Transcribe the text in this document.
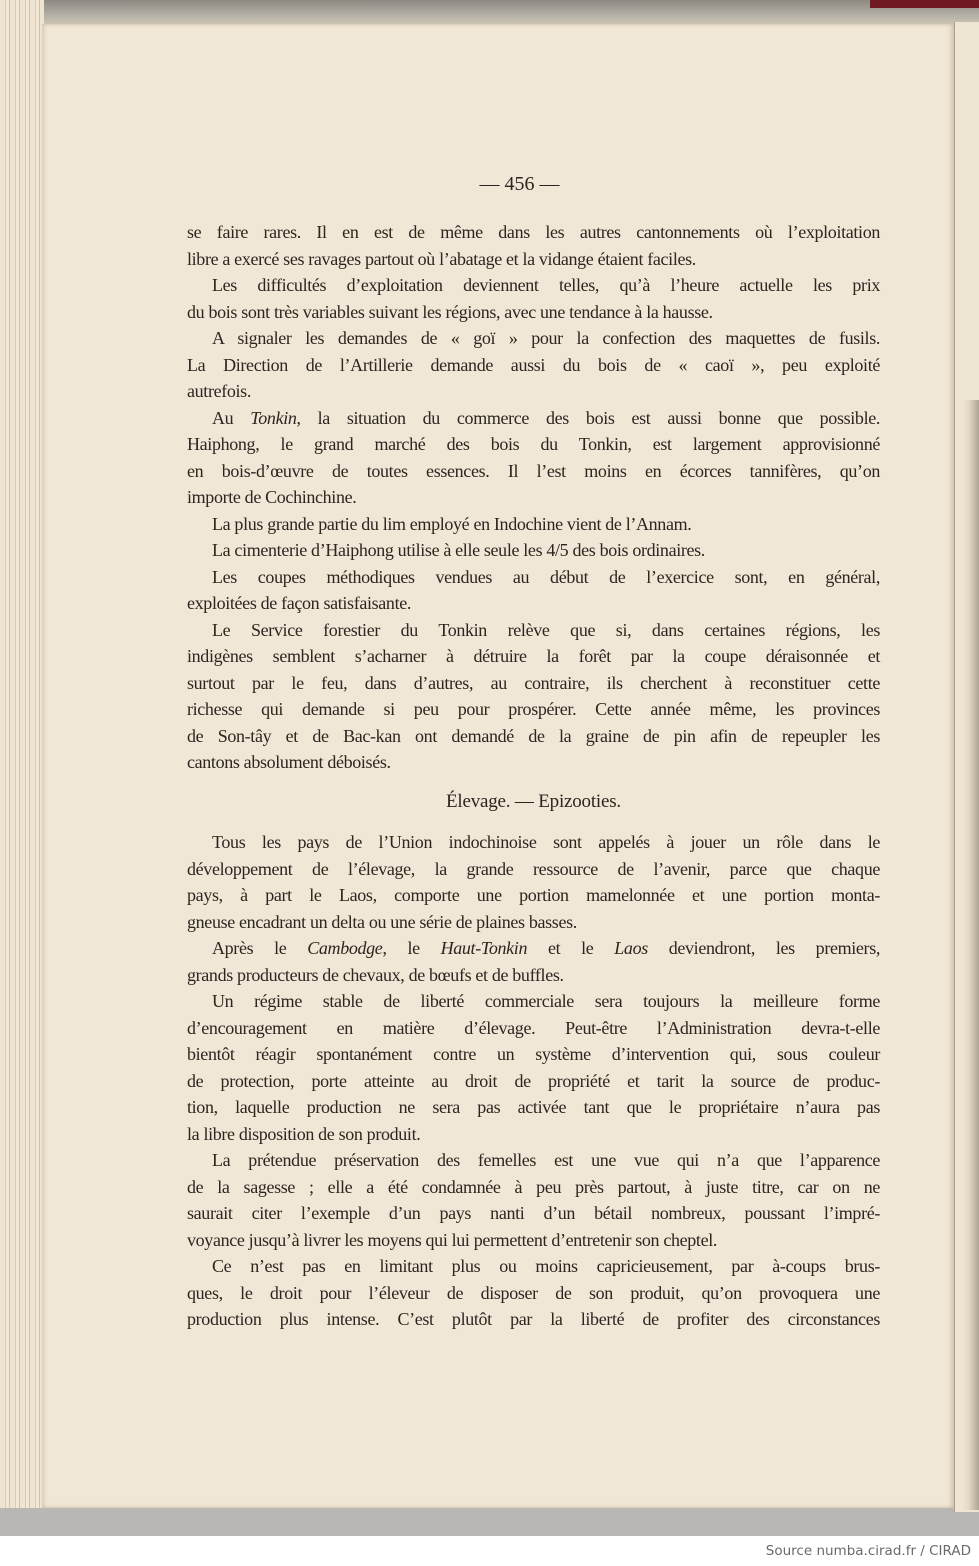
— 456 —
se faire rares. Il en est de même dans les autres cantonnements où l’exploitation
libre a exercé ses ravages partout où l’abatage et la vidange étaient faciles.
Les difficultés d’exploitation deviennent telles, qu’à l’heure actuelle les prix
du bois sont très variables suivant les régions, avec une tendance à la hausse.
A signaler les demandes de « goï » pour la confection des maquettes de fusils.
La Direction de l’Artillerie demande aussi du bois de « caoï », peu exploité
autrefois.
Au Tonkin, la situation du commerce des bois est aussi bonne que possible.
Haiphong, le grand marché des bois du Tonkin, est largement approvisionné
en bois-d’œuvre de toutes essences. Il l’est moins en écorces tannifères, qu’on
importe de Cochinchine.
La plus grande partie du lim employé en Indochine vient de l’Annam.
La cimenterie d’Haiphong utilise à elle seule les 4/5 des bois ordinaires.
Les coupes méthodiques vendues au début de l’exercice sont, en général,
exploitées de façon satisfaisante.
Le Service forestier du Tonkin relève que si, dans certaines régions, les
indigènes semblent s’acharner à détruire la forêt par la coupe déraisonnée et
surtout par le feu, dans d’autres, au contraire, ils cherchent à reconstituer cette
richesse qui demande si peu pour prospérer. Cette année même, les provinces
de Son-tây et de Bac-kan ont demandé de la graine de pin afin de repeupler les
cantons absolument déboisés.
Élevage. — Epizooties.
Tous les pays de l’Union indochinoise sont appelés à jouer un rôle dans le
développement de l’élevage, la grande ressource de l’avenir, parce que chaque
pays, à part le Laos, comporte une portion mamelonnée et une portion monta-
gneuse encadrant un delta ou une série de plaines basses.
Après le Cambodge, le Haut-Tonkin et le Laos deviendront, les premiers,
grands producteurs de chevaux, de bœufs et de buffles.
Un régime stable de liberté commerciale sera toujours la meilleure forme
d’encouragement en matière d’élevage. Peut-être l’Administration devra-t-elle
bientôt réagir spontanément contre un système d’intervention qui, sous couleur
de protection, porte atteinte au droit de propriété et tarit la source de produc-
tion, laquelle production ne sera pas activée tant que le propriétaire n’aura pas
la libre disposition de son produit.
La prétendue préservation des femelles est une vue qui n’a que l’apparence
de la sagesse ; elle a été condamnée à peu près partout, à juste titre, car on ne
saurait citer l’exemple d’un pays nanti d’un bétail nombreux, poussant l’impré-
voyance jusqu’à livrer les moyens qui lui permettent d’entretenir son cheptel.
Ce n’est pas en limitant plus ou moins capricieusement, par à-coups brus-
ques, le droit pour l’éleveur de disposer de son produit, qu’on provoquera une
production plus intense. C’est plutôt par la liberté de profiter des circonstances
Source numba.cirad.fr / CIRAD
